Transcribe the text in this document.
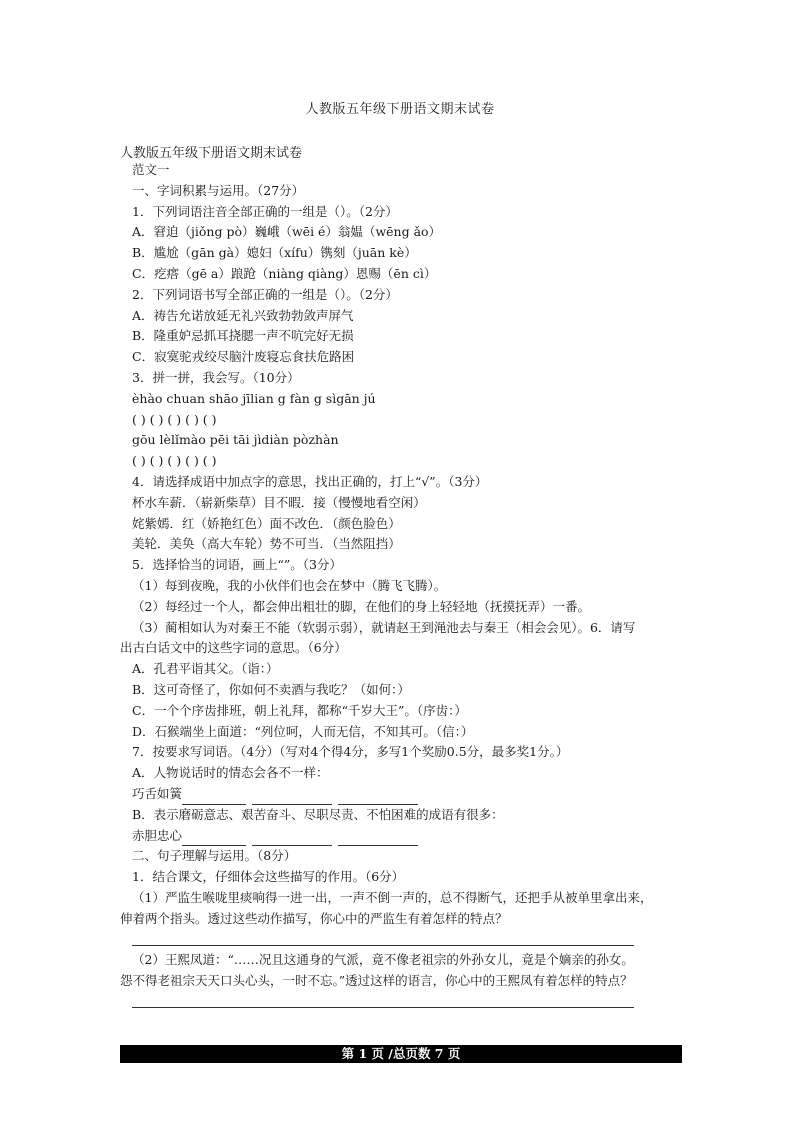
人教版五年级下册语文期末试卷
人教版五年级下册语文期末试卷
范文一
一、字词积累与运用。（27分）
1．下列词语注音全部正确的一组是（）。（2分）
A．窘迫（jiǒng pò）巍峨（wēi é）翁媪（wēng ǎo）
B．尴尬（gān gà）媳妇（xífu）镌刻（juān kè）
C．疙瘩（gē a）踉跄（niàng qiàng）恩赐（ēn cì）
2．下列词语书写全部正确的一组是（）。（2分）
A．祷告允诺放延无礼兴致勃勃敛声屏气
B．隆重妒忌抓耳挠腮一声不吭完好无损
C．寂寞驼戎绞尽脑汁废寝忘食扶危路困
3．拼一拼，我会写。（10分）
èhào chuan shāo jīlian g fàn g sìgān jú
( ) ( ) ( ) ( ) ( )
gōu lèlǐmào pēi tāi jìdiàn pòzhàn
( ) ( ) ( ) ( ) ( )
4．请选择成语中加点字的意思，找出正确的，打上“√”。（3分）
杯水车薪．（崭新柴草）目不暇．接（慢慢地看空闲）
姹紫嫣．红（娇艳红色）面不改色．（颜色脸色）
美轮．美奂（高大车轮）势不可当．（当然阻挡）
5．选择恰当的词语，画上“”。（3分）
（1）每到夜晚，我的小伙伴们也会在梦中（腾飞飞腾）。
（2）每经过一个人，都会伸出粗壮的脚，在他们的身上轻轻地（抚摸抚弄）一番。
（3）蔺相如认为对秦王不能（软弱示弱），就请赵王到渑池去与秦王（相会会见）。6．请写
出古白话文中的这些字词的意思。（6分）
A．孔君平诣其父。（诣：）
B．这可奇怪了，你如何不卖酒与我吃？（如何：）
C．一个个序齿排班，朝上礼拜，都称“千岁大王”。（序齿：）
D．石猴端坐上面道：“列位呵，人而无信，不知其可。（信：）
7．按要求写词语。（4分）（写对4个得4分，多写1个奖励0.5分，最多奖1分。）
A．人物说话时的情态会各不一样：
巧舌如簧
B．表示磨砺意志、艰苦奋斗、尽职尽责、不怕困难的成语有很多：
赤胆忠心
二、句子理解与运用。（8分）
1．结合课文，仔细体会这些描写的作用。（6分）
（1）严监生喉咙里痰响得一进一出，一声不倒一声的，总不得断气，还把手从被单里拿出来，
伸着两个指头。透过这些动作描写，你心中的严监生有着怎样的特点？
（2）王熙凤道：“……况且这通身的气派，竟不像老祖宗的外孙女儿，竟是个嫡亲的孙女。
怨不得老祖宗天天口头心头，一时不忘。”透过这样的语言，你心中的王熙凤有着怎样的特点？
第 1 页 /总页数 7 页
